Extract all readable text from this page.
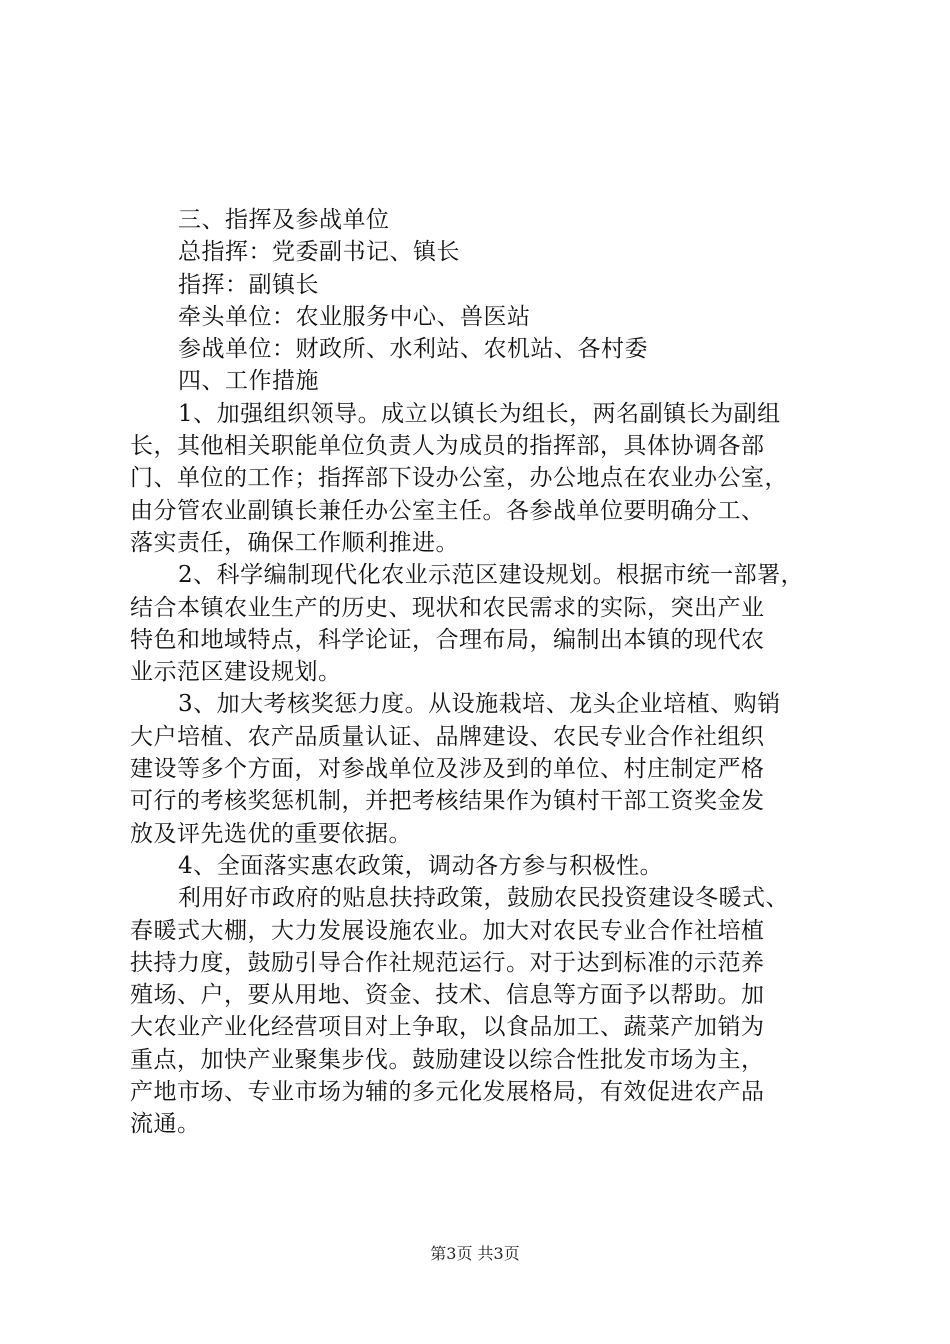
三、指挥及参战单位

总指挥：党委副书记、镇长

指挥：副镇长

牵头单位：农业服务中心、兽医站

参战单位：财政所、水利站、农机站、各村委

四、工作措施

1、加强组织领导。成立以镇长为组长，两名副镇长为副组

长，其他相关职能单位负责人为成员的指挥部，具体协调各部

门、单位的工作；指挥部下设办公室，办公地点在农业办公室，

由分管农业副镇长兼任办公室主任。各参战单位要明确分工、

落实责任，确保工作顺利推进。

2、科学编制现代化农业示范区建设规划。根据市统一部署，

结合本镇农业生产的历史、现状和农民需求的实际，突出产业

特色和地域特点，科学论证，合理布局，编制出本镇的现代农

业示范区建设规划。

3、加大考核奖惩力度。从设施栽培、龙头企业培植、购销

大户培植、农产品质量认证、品牌建设、农民专业合作社组织

建设等多个方面，对参战单位及涉及到的单位、村庄制定严格

可行的考核奖惩机制，并把考核结果作为镇村干部工资奖金发

放及评先选优的重要依据。

4、全面落实惠农政策，调动各方参与积极性。

利用好市政府的贴息扶持政策，鼓励农民投资建设冬暖式、

春暖式大棚，大力发展设施农业。加大对农民专业合作社培植

扶持力度，鼓励引导合作社规范运行。对于达到标准的示范养

殖场、户，要从用地、资金、技术、信息等方面予以帮助。加

大农业产业化经营项目对上争取，以食品加工、蔬菜产加销为

重点，加快产业聚集步伐。鼓励建设以综合性批发市场为主，

产地市场、专业市场为辅的多元化发展格局，有效促进农产品

流通。

第3页 共3页
